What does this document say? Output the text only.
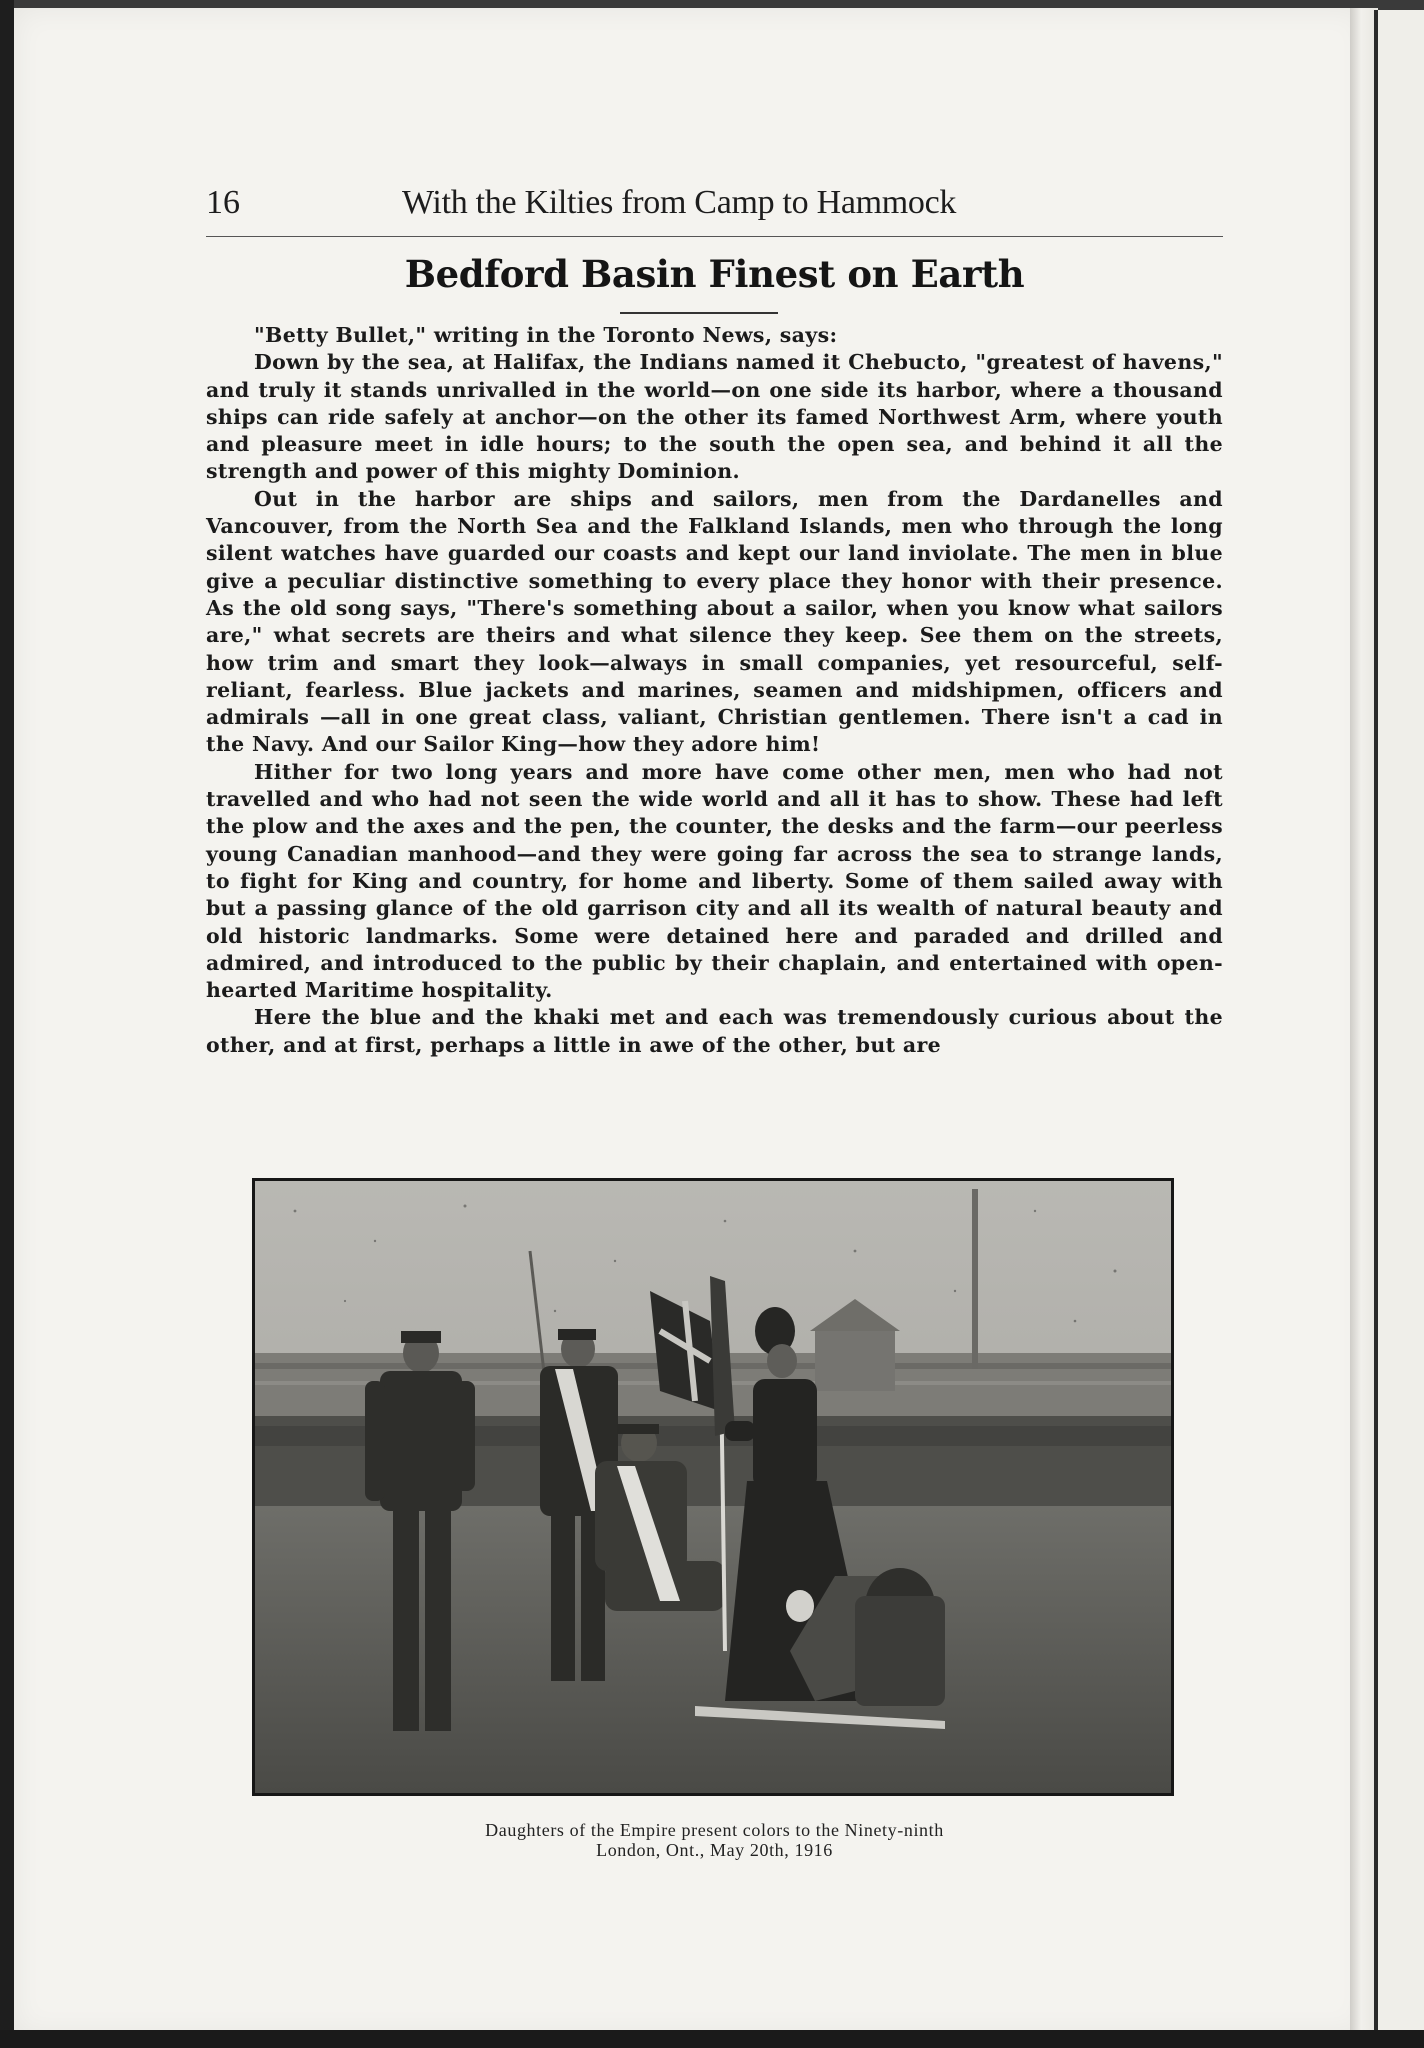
16	With the Kilties from Camp to Hammock
Bedford Basin Finest on Earth

"Betty Bullet," writing in the Toronto News, says:

Down by the sea, at Halifax, the Indians named it Chebucto, "greatest of havens," and truly it stands unrivalled in the world—on one side its harbor, where a thousand ships can ride safely at anchor—on the other its famed Northwest Arm, where youth and pleasure meet in idle hours; to the south the open sea, and behind it all the strength and power of this mighty Dominion.

Out in the harbor are ships and sailors, men from the Dardanelles and Vancouver, from the North Sea and the Falkland Islands, men who through the long silent watches have guarded our coasts and kept our land inviolate. The men in blue give a peculiar distinctive something to every place they honor with their presence. As the old song says, "There's something about a sailor, when you know what sailors are," what secrets are theirs and what silence they keep. See them on the streets, how trim and smart they look—always in small companies, yet resourceful, self-reliant, fearless. Blue jackets and marines, seamen and midshipmen, officers and admirals —all in one great class, valiant, Christian gentlemen. There isn't a cad in the Navy. And our Sailor King—how they adore him!

Hither for two long years and more have come other men, men who had not travelled and who had not seen the wide world and all it has to show. These had left the plow and the axes and the pen, the counter, the desks and the farm—our peerless young Canadian manhood—and they were going far across the sea to strange lands, to fight for King and country, for home and liberty. Some of them sailed away with but a passing glance of the old garrison city and all its wealth of natural beauty and old historic landmarks. Some were detained here and paraded and drilled and admired, and introduced to the public by their chaplain, and entertained with open-hearted Maritime hospitality.

Here the blue and the khaki met and each was tremendously curious about the other, and at first, perhaps a little in awe of the other, but are

Daughters of the Empire present colors to the Ninety-ninth
London, Ont., May 20th, 1916
